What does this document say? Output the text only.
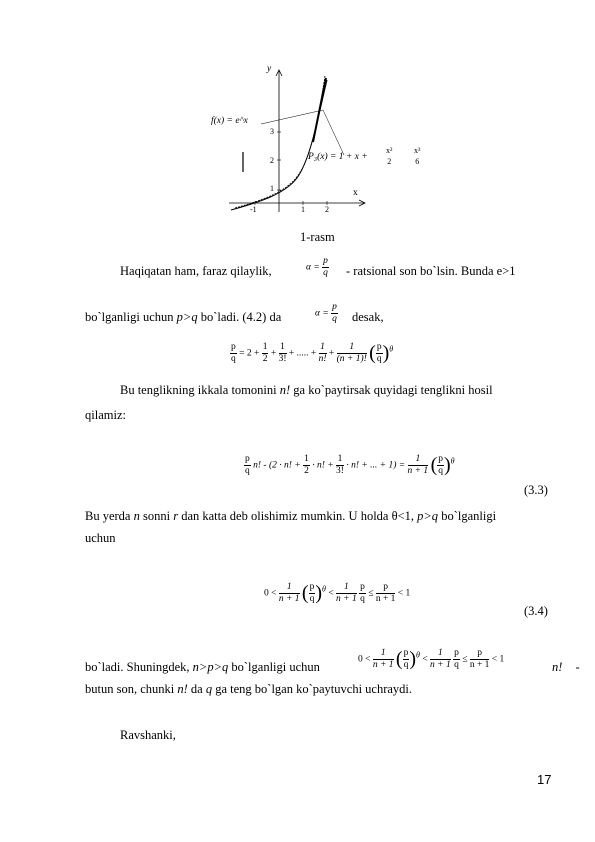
y
x
f(x) = e^x
P₃(x) = 1 + x +
x²
2
x³
6
-1	1	2
1
2
3
1-rasm
Haqiqatan ham, faraz qilaylik,	$\alpha = \frac{p}{q}$ - ratsional son bo`lsin. Bunda e>1
bo`lganligi uchun p>q bo`ladi. (4.2) da	$\alpha = \frac{p}{q}$ desak,
$\frac{p}{q} = 2 + \frac{1}{2} + \frac{1}{3!}$ + ..... + $\frac{1}{n!} + \frac{1}{(n + 1)!}$ ( $\frac{p}{q} )^\theta$
Bu tenglikning ikkala tomonini n! ga ko`paytirsak quyidagi tenglikni hosil
qilamiz:
$\frac{p}{q} n$! - (2 · n! + $\frac{1}{2} \cdot n$! + $\frac{1}{3!} \cdot n$! + ... + $1) = \frac{1}{n + 1}$ ( $\frac{p}{q} )^\theta$
(3.3)
Bu yerda n sonni r dan katta deb olishimiz mumkin. U holda θ<1, p>q bo`lganligi
uchun
$0 < \frac{1}{n + 1}$ ( $\frac{p}{q} )^\theta < \frac{1}{n + 1}$
$\frac{p}{q} \le \frac{p}{n + 1} < 1$
(3.4)
bo`ladi. Shuningdek, n>p>q bo`lganligi uchun
$0 < \frac{1}{n + 1}$ ( $\frac{p}{q} )^\theta < \frac{1}{n + 1}$
$\frac{p}{q} \le \frac{p}{n + 1} < 1$
n! -
butun son, chunki n! da q ga teng bo`lgan ko`paytuvchi uchraydi.
Ravshanki,
17
